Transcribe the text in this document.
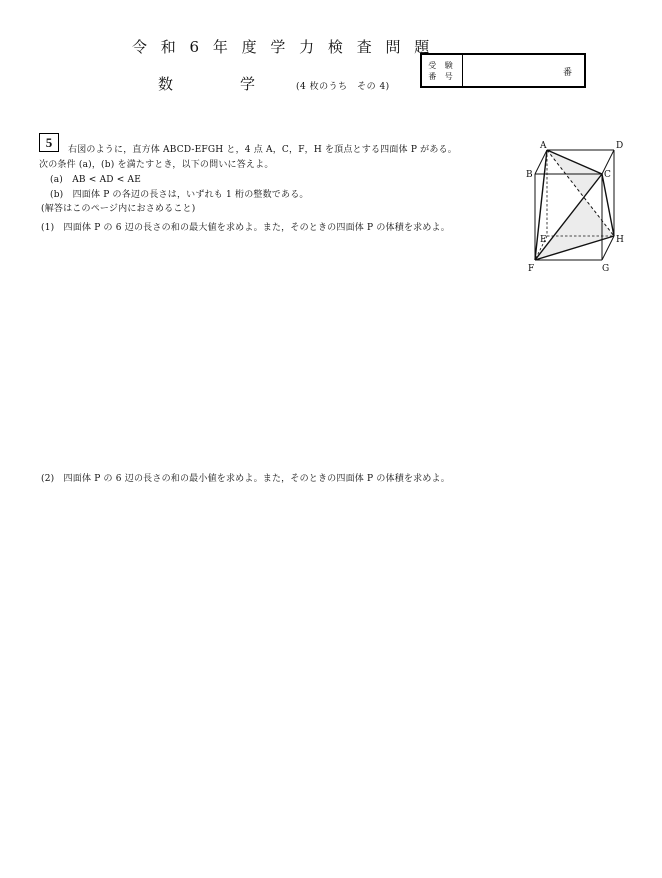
令 和 6 年 度 学 力 検 査 問 題
数	学	(4 枚のうち　その 4)
受 験
番 号	番
5	右図のように，直方体 ABCD-EFGH と，4 点 A，C，F，H を頂点とする四面体 P がある。
次の条件 (a)，(b) を満たすとき，以下の問いに答えよ。
(a)　AB < AD < AE
(b)　四面体 P の各辺の長さは，いずれも 1 桁の整数である。
(解答はこのページ内におさめること)
(1)　四面体 P の 6 辺の長さの和の最大値を求めよ。また，そのときの四面体 P の体積を求めよ。
(2)　四面体 P の 6 辺の長さの和の最小値を求めよ。また，そのときの四面体 P の体積を求めよ。
A	D
B	C
E	H
F	G
